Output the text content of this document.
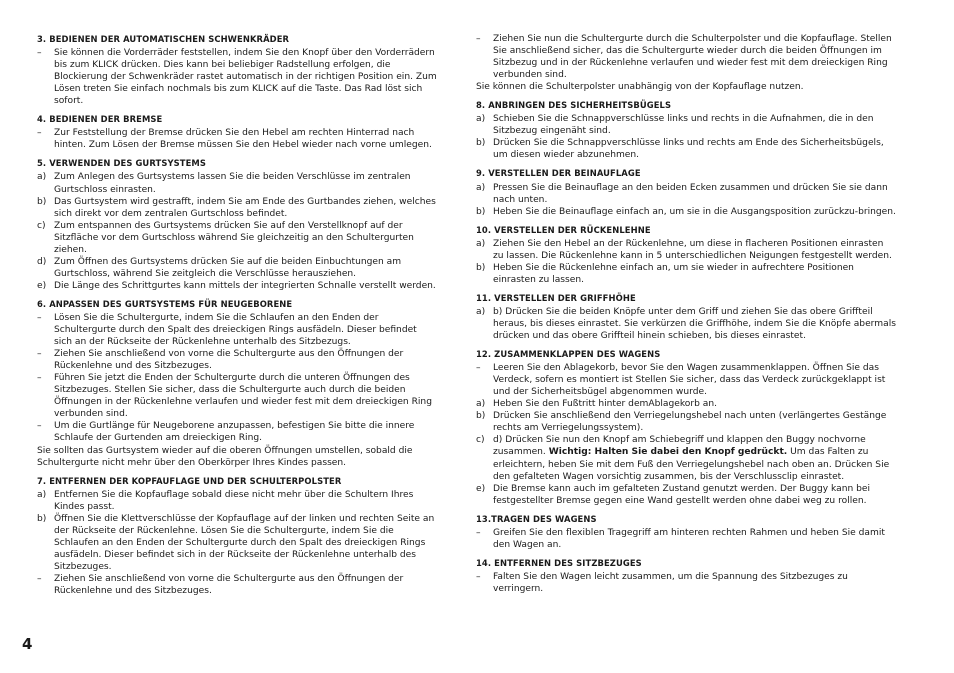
3. BEDIENEN DER AUTOMATISCHEN SCHWENKRÄDER
–	Sie können die Vorderräder feststellen, indem Sie den Knopf über den Vorderrädern bis zum KLICK drücken. Dies kann bei beliebiger Radstellung erfolgen, die Blockierung der Schwenkräder rastet automatisch in der richtigen Position ein. Zum Lösen treten Sie einfach nochmals bis zum KLICK auf die Taste. Das Rad löst sich sofort.
4. BEDIENEN DER BREMSE
–	Zur Feststellung der Bremse drücken Sie den Hebel am rechten Hinterrad nach hinten. Zum Lösen der Bremse müssen Sie den Hebel wieder nach vorne umlegen.
5. VERWENDEN DES GURTSYSTEMS
a) Zum Anlegen des Gurtsystems lassen Sie die beiden Verschlüsse im zentralen Gurtschloss einrasten.
b) Das Gurtsystem wird gestrafft, indem Sie am Ende des Gurtbandes ziehen, welches sich direkt vor dem zentralen Gurtschloss befindet.
c) Zum entspannen des Gurtsystems drücken Sie auf den Verstellknopf auf der Sitzfläche vor dem Gurtschloss während Sie gleichzeitig an den Schultergurten ziehen.
d) Zum Öffnen des Gurtsystems drücken Sie auf die beiden Einbuchtungen am Gurtschloss, während Sie zeitgleich die Verschlüsse herausziehen.
e) Die Länge des Schrittgurtes kann mittels der integrierten Schnalle verstellt werden.
6. ANPASSEN DES GURTSYSTEMS FÜR NEUGEBORENE
–	Lösen Sie die Schultergurte, indem Sie die Schlaufen an den Enden der Schultergurte durch den Spalt des dreieckigen Rings ausfädeln. Dieser befindet sich an der Rückseite der Rückenlehne unterhalb des Sitzbezugs.
–	Ziehen Sie anschließend von vorne die Schultergurte aus den Öffnungen der Rückenlehne und des Sitzbezuges.
–	Führen Sie jetzt die Enden der Schultergurte durch die unteren Öffnungen des Sitzbezuges. Stellen Sie sicher, dass die Schultergurte auch durch die beiden Öffnungen in der Rückenlehne verlaufen und wieder fest mit dem dreieckigen Ring verbunden sind.
–	Um die Gurtlänge für Neugeborene anzupassen, befestigen Sie bitte die innere Schlaufe der Gurtenden am dreieckigen Ring.
Sie sollten das Gurtsystem wieder auf die oberen Öffnungen umstellen, sobald die Schultergurte nicht mehr über den Oberkörper Ihres Kindes passen.
7. ENTFERNEN DER KOPFAUFLAGE UND DER SCHULTERPOLSTER
a) Entfernen Sie die Kopfauflage sobald diese nicht mehr über die Schultern Ihres Kindes passt.
b) Öffnen Sie die Klettverschlüsse der Kopfauflage auf der linken und rechten Seite an der Rückseite der Rückenlehne. Lösen Sie die Schultergurte, indem Sie die Schlaufen an den Enden der Schultergurte durch den Spalt des dreieckigen Rings ausfädeln. Dieser befindet sich in der Rückseite der Rückenlehne unterhalb des Sitzbezuges.
–	Ziehen Sie anschließend von vorne die Schultergurte aus den Öffnungen der Rückenlehne und des Sitzbezuges.
–	Ziehen Sie nun die Schultergurte durch die Schulterpolster und die Kopfauflage. Stellen Sie anschließend sicher, das die Schultergurte wieder durch die beiden Öffnungen im Sitzbezug und in der Rückenlehne verlaufen und wieder fest mit dem dreieckigen Ring verbunden sind.
Sie können die Schulterpolster unabhängig von der Kopfauflage nutzen.
8. ANBRINGEN DES SICHERHEITSBÜGELS
a) Schieben Sie die Schnappverschlüsse links und rechts in die Aufnahmen, die in den Sitzbezug eingenäht sind.
b) Drücken Sie die Schnappverschlüsse links und rechts am Ende des Sicherheitsbügels, um diesen wieder abzunehmen.
9. VERSTELLEN DER BEINAUFLAGE
a) Pressen Sie die Beinauflage an den beiden Ecken zusammen und drücken Sie sie dann nach unten.
b) Heben Sie die Beinauflage einfach an, um sie in die Ausgangsposition zurückzu-bringen.
10. VERSTELLEN DER RÜCKENLEHNE
a) Ziehen Sie den Hebel an der Rückenlehne, um diese in flacheren Positionen einrasten zu lassen. Die Rückenlehne kann in 5 unterschiedlichen Neigungen festgestellt werden.
b) Heben Sie die Rückenlehne einfach an, um sie wieder in aufrechtere Positionen einrasten zu lassen.
11. VERSTELLEN DER GRIFFHÖHE
a) b) Drücken Sie die beiden Knöpfe unter dem Griff und ziehen Sie das obere Griffteil heraus, bis dieses einrastet. Sie verkürzen die Griffhöhe, indem Sie die Knöpfe abermals drücken und das obere Griffteil hinein schieben, bis dieses einrastet.
12. ZUSAMMENKLAPPEN DES WAGENS
–	Leeren Sie den Ablagekorb, bevor Sie den Wagen zusammenklappen. Öffnen Sie das Verdeck, sofern es montiert ist Stellen Sie sicher, dass das Verdeck zurückgeklappt ist und der Sicherheitsbügel abgenommen wurde.
a) Heben Sie den Fußtritt hinter demAblagekorb an.
b) Drücken Sie anschließend den Verriegelungshebel nach unten (verlängertes Gestänge rechts am Verriegelungssystem).
c) d) Drücken Sie nun den Knopf am Schiebegriff und klappen den Buggy nochvorne zusammen. Wichtig: Halten Sie dabei den Knopf gedrückt. Um das Falten zu erleichtern, heben Sie mit dem Fuß den Verriegelungshebel nach oben an. Drücken Sie den gefalteten Wagen vorsichtig zusammen, bis der Verschlussclip einrastet.
e) Die Bremse kann auch im gefalteten Zustand genutzt werden. Der Buggy kann bei festgestellter Bremse gegen eine Wand gestellt werden ohne dabei weg zu rollen.
13.TRAGEN DES WAGENS
–	Greifen Sie den flexiblen Tragegriff am hinteren rechten Rahmen und heben Sie damit den Wagen an.
14. ENTFERNEN DES SITZBEZUGES
–	Falten Sie den Wagen leicht zusammen, um die Spannung des Sitzbezuges zu verringern.
4
